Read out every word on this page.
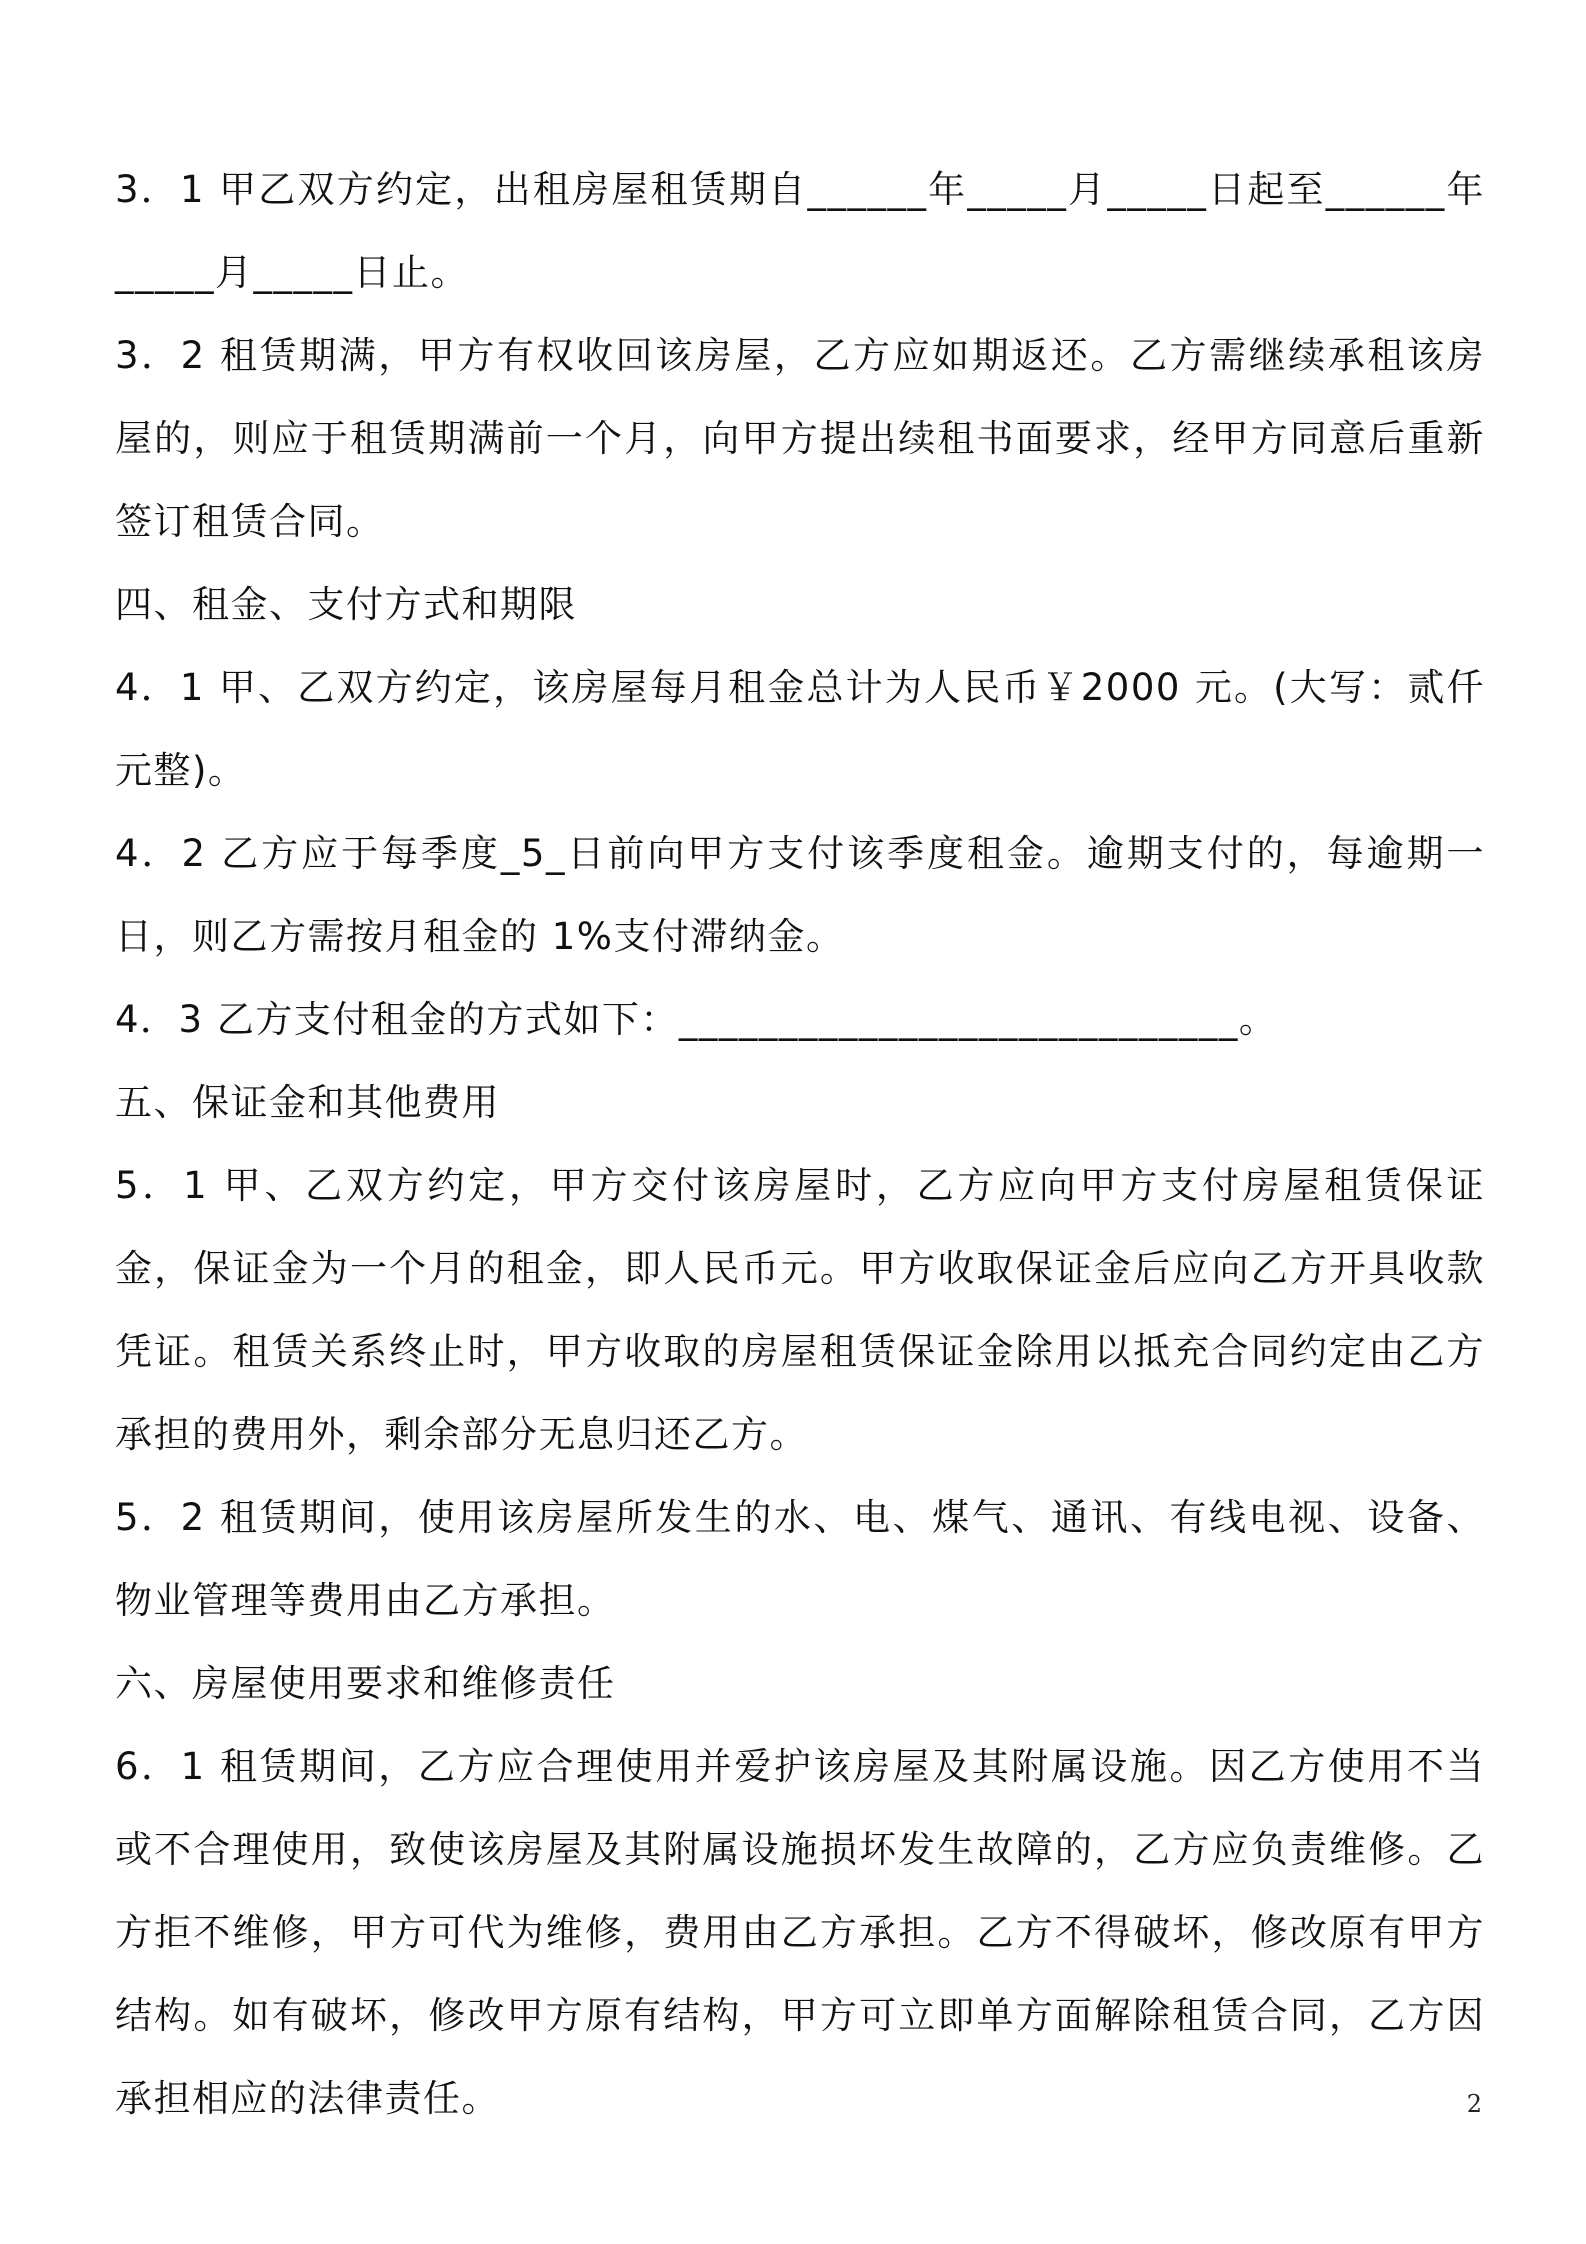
3．1 甲乙双方约定，出租房屋租赁期自______年_____月_____日起至______年_____月_____日止。

3．2 租赁期满，甲方有权收回该房屋，乙方应如期返还。乙方需继续承租该房屋的，则应于租赁期满前一个月，向甲方提出续租书面要求，经甲方同意后重新签订租赁合同。

四、租金、支付方式和期限

4．1 甲、乙双方约定，该房屋每月租金总计为人民币￥2000 元。(大写：贰仟元整)。

4．2 乙方应于每季度_5_日前向甲方支付该季度租金。逾期支付的，每逾期一日，则乙方需按月租金的 1%支付滞纳金。

4．3 乙方支付租金的方式如下：____________________________。

五、保证金和其他费用

5．1 甲、乙双方约定，甲方交付该房屋时，乙方应向甲方支付房屋租赁保证金，保证金为一个月的租金，即人民币元。甲方收取保证金后应向乙方开具收款凭证。租赁关系终止时，甲方收取的房屋租赁保证金除用以抵充合同约定由乙方承担的费用外，剩余部分无息归还乙方。

5．2 租赁期间，使用该房屋所发生的水、电、煤气、通讯、有线电视、设备、物业管理等费用由乙方承担。

六、房屋使用要求和维修责任

6．1 租赁期间，乙方应合理使用并爱护该房屋及其附属设施。因乙方使用不当或不合理使用，致使该房屋及其附属设施损坏发生故障的，乙方应负责维修。乙方拒不维修，甲方可代为维修，费用由乙方承担。乙方不得破坏，修改原有甲方结构。如有破坏，修改甲方原有结构，甲方可立即单方面解除租赁合同，乙方因承担相应的法律责任。	2
